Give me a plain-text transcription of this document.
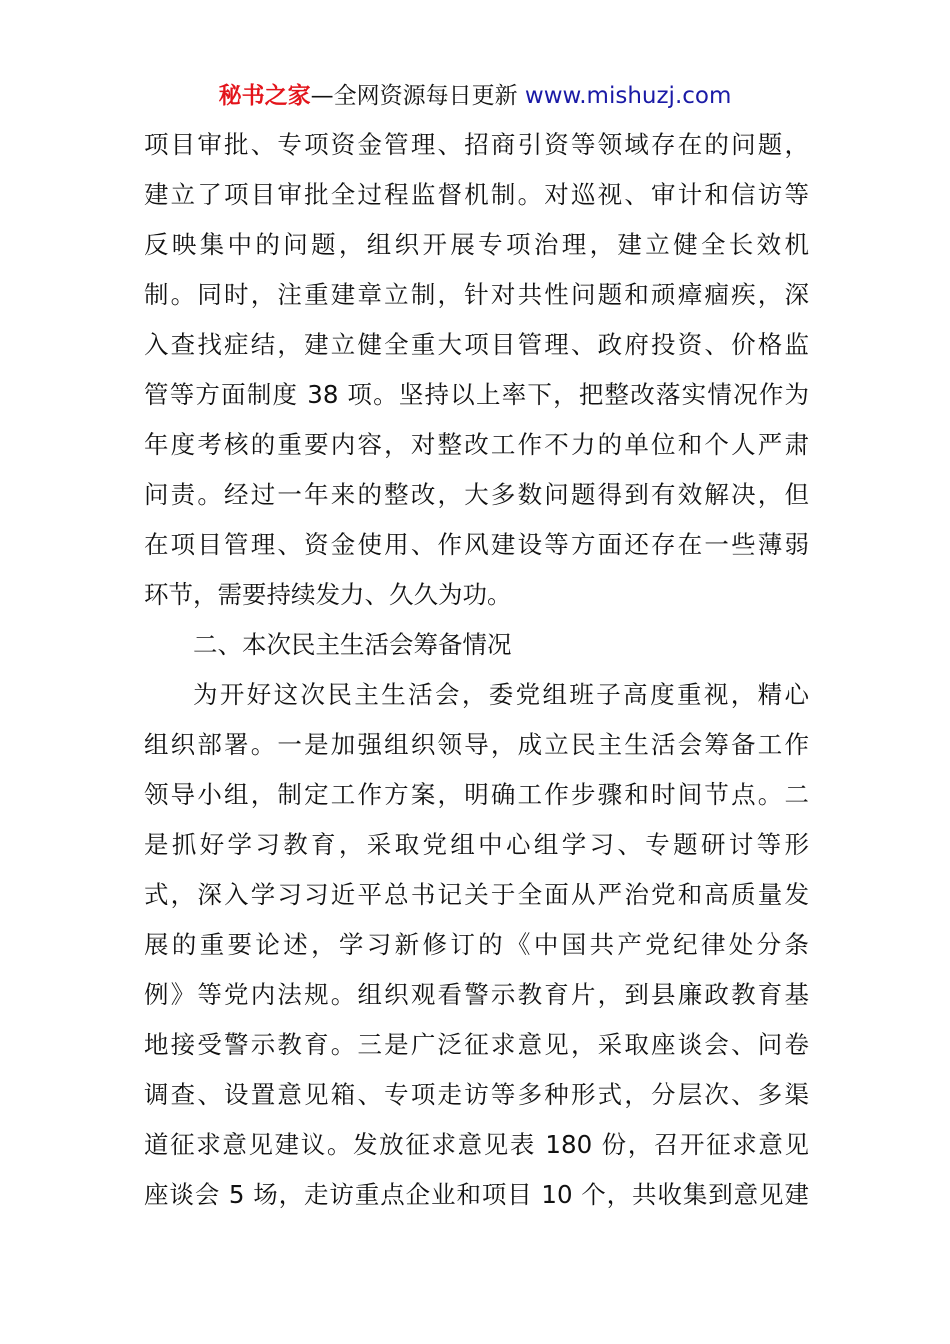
秘书之家—全网资源每日更新 www.mishuzj.com
项目审批、专项资金管理、招商引资等领域存在的问题，
建立了项目审批全过程监督机制。对巡视、审计和信访等
反映集中的问题，组织开展专项治理，建立健全长效机
制。同时，注重建章立制，针对共性问题和顽瘴痼疾，深
入查找症结，建立健全重大项目管理、政府投资、价格监
管等方面制度 38 项。坚持以上率下，把整改落实情况作为
年度考核的重要内容，对整改工作不力的单位和个人严肃
问责。经过一年来的整改，大多数问题得到有效解决，但
在项目管理、资金使用、作风建设等方面还存在一些薄弱
环节，需要持续发力、久久为功。
二、本次民主生活会筹备情况
为开好这次民主生活会，委党组班子高度重视，精心
组织部署。一是加强组织领导，成立民主生活会筹备工作
领导小组，制定工作方案，明确工作步骤和时间节点。二
是抓好学习教育，采取党组中心组学习、专题研讨等形
式，深入学习习近平总书记关于全面从严治党和高质量发
展的重要论述，学习新修订的《中国共产党纪律处分条
例》等党内法规。组织观看警示教育片，到县廉政教育基
地接受警示教育。三是广泛征求意见，采取座谈会、问卷
调查、设置意见箱、专项走访等多种形式，分层次、多渠
道征求意见建议。发放征求意见表 180 份，召开征求意见
座谈会 5 场，走访重点企业和项目 10 个，共收集到意见建
